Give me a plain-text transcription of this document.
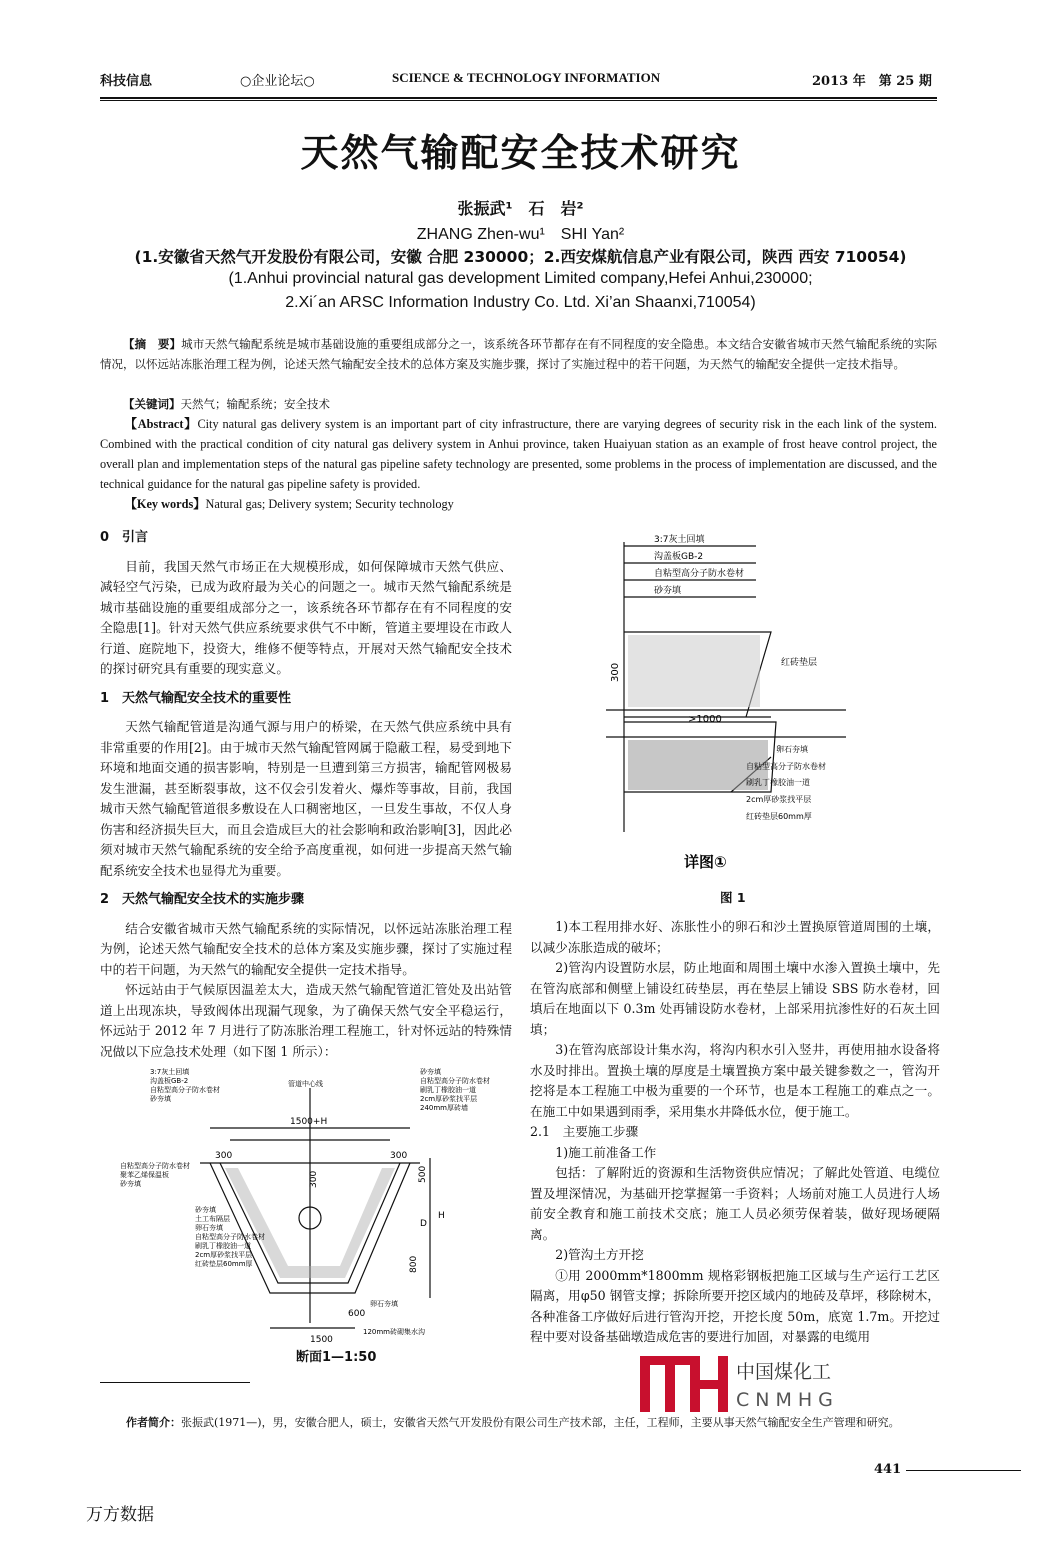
科技信息	○企业论坛○	SCIENCE & TECHNOLOGY INFORMATION	2013 年　第 25 期
天然气输配安全技术研究
张振武¹　石　岩²
ZHANG Zhen-wu¹　SHI Yan²
(1.安徽省天然气开发股份有限公司，安徽 合肥 230000；2.西安煤航信息产业有限公司，陕西 西安 710054)
(1.Anhui provincial natural gas development Limited company,Hefei Anhui,230000;
2.Xi´an ARSC Information Industry Co. Ltd. Xi’an Shaanxi,710054)
【摘　要】城市天然气输配系统是城市基础设施的重要组成部分之一，该系统各环节都存在有不同程度的安全隐患。本文结合安徽省城市天然气输配系统的实际情况，以怀远站冻胀治理工程为例，论述天然气输配安全技术的总体方案及实施步骤，探讨了实施过程中的若干问题，为天然气的输配安全提供一定技术指导。
【关键词】天然气；输配系统；安全技术
【Abstract】City natural gas delivery system is an important part of city infrastructure, there are varying degrees of security risk in the each link of the system. Combined with the practical condition of city natural gas delivery system in Anhui province, taken Huaiyuan station as an example of frost heave control project, the overall plan and implementation steps of the natural gas pipeline safety technology are presented, some problems in the process of implementation are discussed, and the technical guidance for the natural gas pipeline safety is provided.
【Key words】Natural gas; Delivery system; Security technology
0　引言

目前，我国天然气市场正在大规模形成，如何保障城市天然气供应、减轻空气污染，已成为政府最为关心的问题之一。城市天然气输配系统是城市基础设施的重要组成部分之一，该系统各环节都存在有不同程度的安全隐患[1]。针对天然气供应系统要求供气不中断，管道主要埋设在市政人行道、庭院地下，投资大，维修不便等特点，开展对天然气输配安全技术的探讨研究具有重要的现实意义。

1　天然气输配安全技术的重要性

天然气输配管道是沟通气源与用户的桥梁，在天然气供应系统中具有非常重要的作用[2]。由于城市天然气输配管网属于隐蔽工程，易受到地下环境和地面交通的损害影响，特别是一旦遭到第三方损害，输配管网极易发生泄漏，甚至断裂事故，这不仅会引发着火、爆炸等事故，目前，我国城市天然气输配管道很多敷设在人口稠密地区，一旦发生事故，不仅人身伤害和经济损失巨大，而且会造成巨大的社会影响和政治影响[3]，因此必须对城市天然气输配系统的安全给予高度重视，如何进一步提高天然气输配系统安全技术也显得尤为重要。

2　天然气输配安全技术的实施步骤

结合安徽省城市天然气输配系统的实际情况，以怀远站冻胀治理工程为例，论述天然气输配安全技术的总体方案及实施步骤，探讨了实施过程中的若干问题，为天然气的输配安全提供一定技术指导。

怀远站由于气候原因温差太大，造成天然气输配管道汇管处及出站管道上出现冻块，导致阀体出现漏气现象，为了确保天然气安全平稳运行，怀远站于 2012 年 7 月进行了防冻胀治理工程施工，针对怀远站的特殊情况做以下应急技术处理（如下图 1 所示）：

3:7灰土回填
沟盖板GB-2
自粘型高分子防水卷材
砂夯填
红砖垫层
卵石夯填
自粘型高分子防水卷材
刷乳丁橡胶油一道
2cm厚砂浆找平层
红砖垫层60mm厚
300
>1000
详图①
图 1
3:7灰土回填
沟盖板GB-2
自粘型高分子防水卷材
砂夯填
管道中心线
砂夯填
自粘型高分子防水卷材
刷乳丁橡胶油一道
2cm厚砂浆找平层
240mm厚砖墙
自粘型高分子防水卷材
聚苯乙烯保温板
砂夯填
砂夯填
土工布隔层
卵石夯填
自粘型高分子防水卷材
刷乳丁橡胶油一道
2cm厚砂浆找平层
红砖垫层60mm厚
1500+H
300
300
300
500
800
D
H
600
1500
120mm砖砌集水沟
卵石夯填
断面1—1:50

1)本工程用排水好、冻胀性小的卵石和沙土置换原管道周围的土壤，以减少冻胀造成的破坏；

2)管沟内设置防水层，防止地面和周围土壤中水渗入置换土壤中，先在管沟底部和侧壁上铺设红砖垫层，再在垫层上铺设 SBS 防水卷材，回填后在地面以下 0.3m 处再铺设防水卷材，上部采用抗渗性好的石灰土回填；

3)在管沟底部设计集水沟，将沟内积水引入竖井，再使用抽水设备将水及时排出。置换土壤的厚度是土壤置换方案中最关键参数之一，管沟开挖将是本工程施工中极为重要的一个环节，也是本工程施工的难点之一。在施工中如果遇到雨季，采用集水井降低水位，便于施工。

2.1　主要施工步骤

1)施工前准备工作

包括：了解附近的资源和生活物资供应情况；了解此处管道、电缆位置及埋深情况，为基础开挖掌握第一手资料；人场前对施工人员进行人场前安全教育和施工前技术交底；施工人员必须劳保着装，做好现场硬隔离。

2)管沟土方开挖

①用 2000mm*1800mm 规格彩钢板把施工区域与生产运行工艺区隔离，用φ50 钢管支撑；拆除所要开挖区域内的地砖及草坪，移除树木，各种准备工序做好后进行管沟开挖，开挖长度 50m，底宽 1.7m。开挖过程中要对设备基础墩造成危害的要进行加固，对暴露的电缆用

中国煤化工
CNMHG
作者简介：张振武(1971—)，男，安徽合肥人，硕士，安徽省天然气开发股份有限公司生产技术部，主任，工程师，主要从事天然气输配安全生产管理和研究。
441
万方数据
